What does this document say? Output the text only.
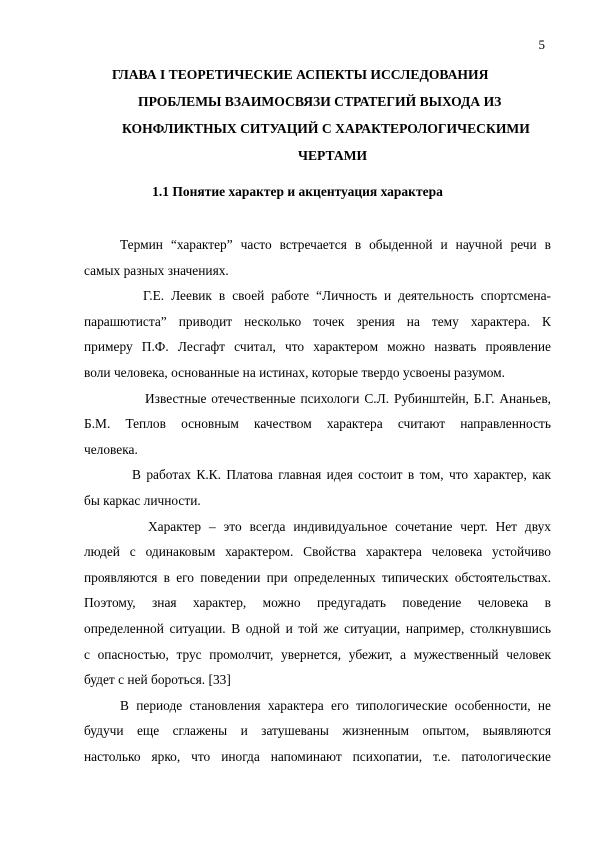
5
ГЛАВА I ТЕОРЕТИЧЕСКИЕ АСПЕКТЫ ИССЛЕДОВАНИЯ
ПРОБЛЕМЫ ВЗАИМОСВЯЗИ СТРАТЕГИЙ ВЫХОДА ИЗ
КОНФЛИКТНЫХ СИТУАЦИЙ С ХАРАКТЕРОЛОГИЧЕСКИМИ
ЧЕРТАМИ
1.1 Понятие характер и акцентуация характера

Термин “характер” часто встречается в обыденной и научной речи в
самых разных значениях.

Г.Е. Леевик в своей работе “Личность и деятельность спортсмена-
парашютиста” приводит несколько точек зрения на тему характера. К
примеру П.Ф. Лесгафт считал, что характером можно назвать проявление
воли человека, основанные на истинах, которые твердо усвоены разумом.

Известные отечественные психологи С.Л. Рубинштейн, Б.Г. Ананьев,
Б.М. Теплов основным качеством характера считают направленность
человека.

В работах К.К. Платова главная идея состоит в том, что характер, как
бы каркас личности.

Характер – это всегда индивидуальное сочетание черт. Нет двух
людей с одинаковым характером. Свойства характера человека устойчиво
проявляются в его поведении при определенных типических обстоятельствах.
Поэтому, зная характер, можно предугадать поведение человека в
определенной ситуации. В одной и той же ситуации, например, столкнувшись
с опасностью, трус промолчит, увернется, убежит, а мужественный человек
будет с ней бороться. [33]

В периоде становления характера его типологические особенности, не
будучи еще сглажены и затушеваны жизненным опытом, выявляются
настолько ярко, что иногда напоминают психопатии, т.е. патологические
